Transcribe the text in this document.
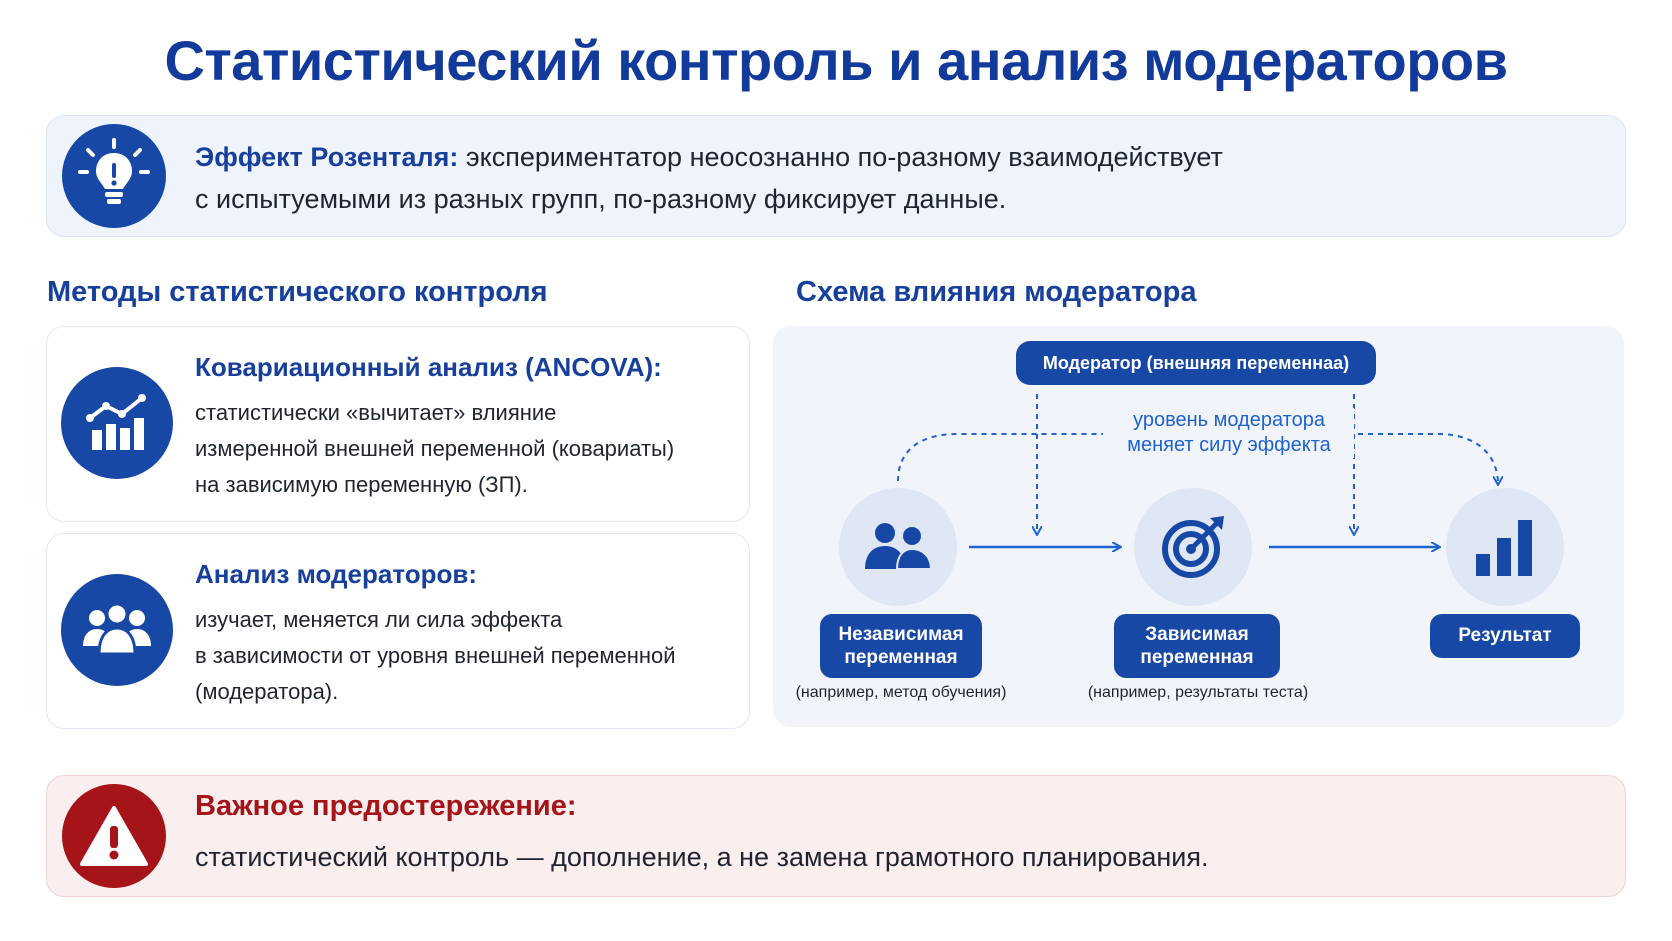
Статистический контроль и анализ модераторов
Эффект Розенталя: экспериментатор неосознанно по-разному взаимодействует
с испытуемыми из разных групп, по-разному фиксирует данные.
Методы статистического контроля
Ковариационный анализ (ANCOVA):
статистически «вычитает» влияние
измеренной внешней переменной (ковариаты)
на зависимую переменную (ЗП).
Анализ модераторов:
изучает, меняется ли сила эффекта
в зависимости от уровня внешней переменной
(модератора).
Схема влияния модератора
Модератор (внешняя переменнаа)
уровень модератора
меняет силу эффекта
Независимая
переменная
(например, метод обучения)
Зависимая
переменная
(например, результаты теста)
Результат
Важное предостережение:
статистический контроль — дополнение, а не замена грамотного планирования.
